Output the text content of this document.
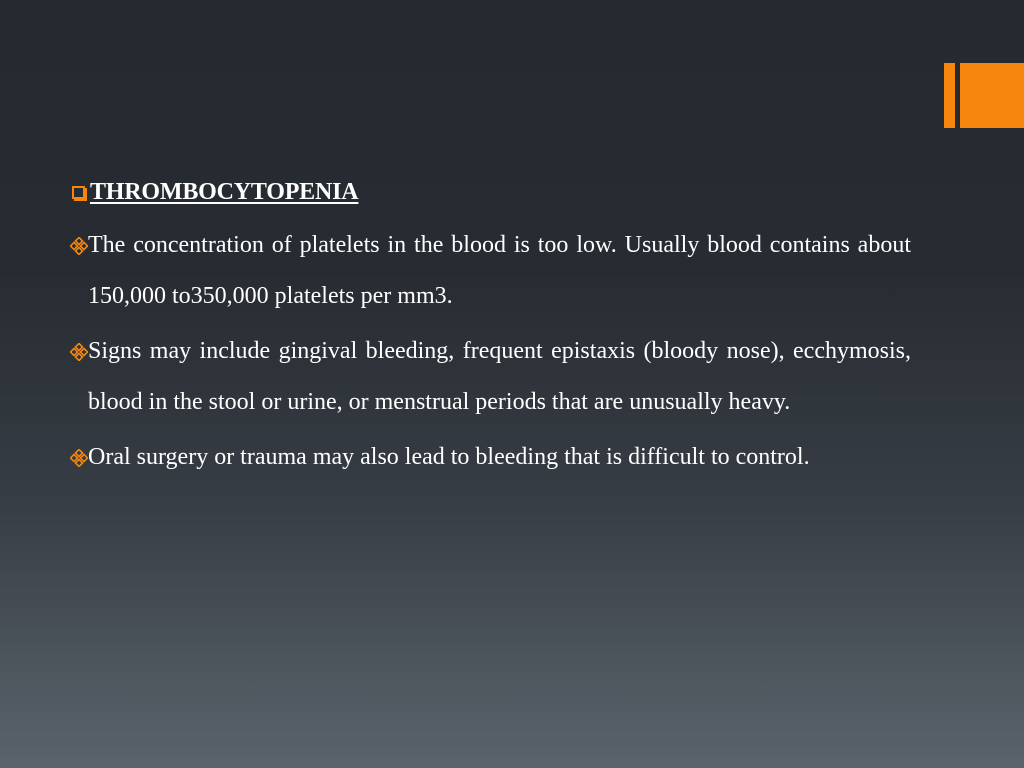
THROMBOCYTOPENIA
The concentration of platelets in the blood is too low. Usually blood contains about 150,000 to350,000 platelets per mm3.
Signs may include gingival bleeding, frequent epistaxis (bloody nose), ecchymosis, blood in the stool or urine, or menstrual periods that are unusually heavy.
Oral surgery or trauma may also lead to bleeding that is difficult to control.
